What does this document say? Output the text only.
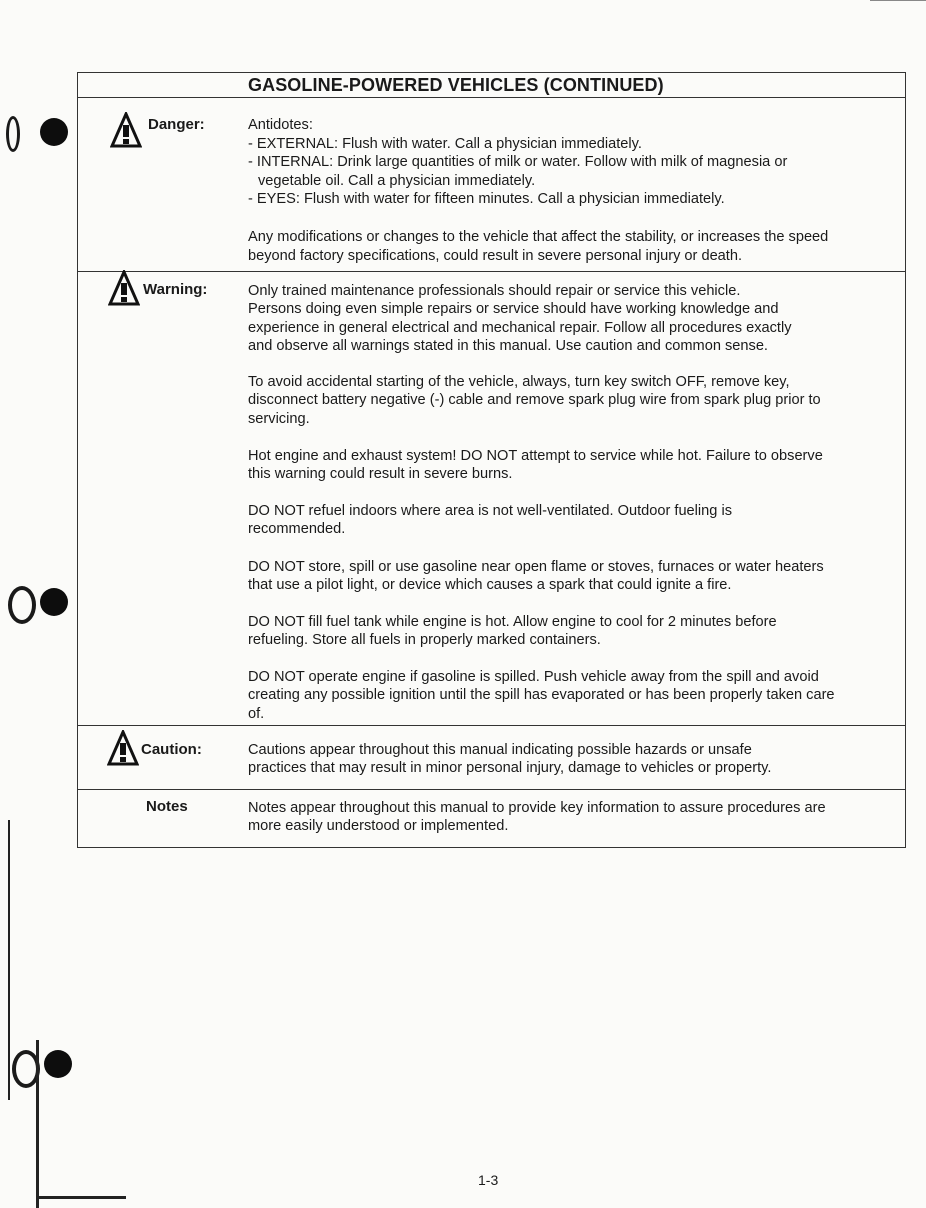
GASOLINE-POWERED VEHICLES (CONTINUED)
Danger:	Antidotes:

- EXTERNAL: Flush with water. Call a physician immediately.

- INTERNAL: Drink large quantities of milk or water. Follow with milk of magnesia or

vegetable oil. Call a physician immediately.

- EYES: Flush with water for fifteen minutes. Call a physician immediately.

Any modifications or changes to the vehicle that affect the stability, or increases the speed

beyond factory specifications, could result in severe personal injury or death.

Warning:	Only trained maintenance professionals should repair or service this vehicle.
Persons doing even simple repairs or service should have working knowledge and
experience in general electrical and mechanical repair. Follow all procedures exactly
and observe all warnings stated in this manual. Use caution and common sense.
To avoid accidental starting of the vehicle, always, turn key switch OFF, remove key,
disconnect battery negative (-) cable and remove spark plug wire from spark plug prior to
servicing.
Hot engine and exhaust system! DO NOT attempt to service while hot. Failure to observe
this warning could result in severe burns.
DO NOT refuel indoors where area is not well-ventilated. Outdoor fueling is
recommended.
DO NOT store, spill or use gasoline near open flame or stoves, furnaces or water heaters
that use a pilot light, or device which causes a spark that could ignite a fire.
DO NOT fill fuel tank while engine is hot. Allow engine to cool for 2 minutes before
refueling. Store all fuels in properly marked containers.
DO NOT operate engine if gasoline is spilled. Push vehicle away from the spill and avoid
creating any possible ignition until the spill has evaporated or has been properly taken care
of.
Caution:	Cautions appear throughout this manual indicating possible hazards or unsafe
practices that may result in minor personal injury, damage to vehicles or property.
Notes	Notes appear throughout this manual to provide key information to assure procedures are
more easily understood or implemented.
1-3
